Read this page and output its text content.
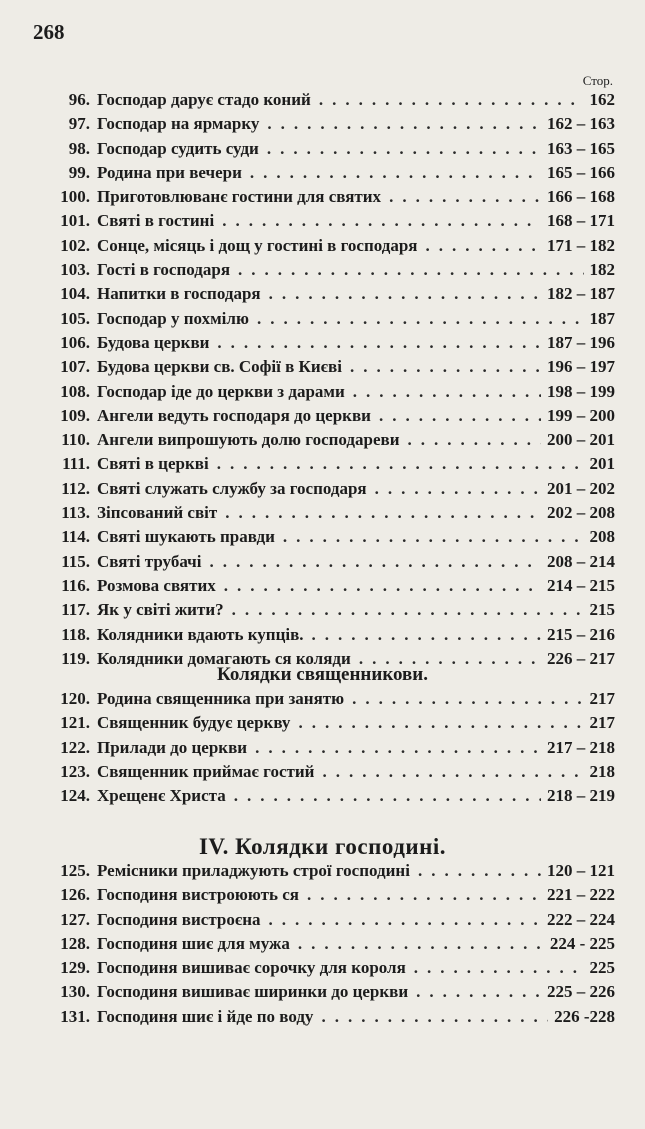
268
Стор.
96. Господар дарує стадо коний .....	162
97. Господар на ярмарку .....	162 – 163
98. Господар судить суди .....	163 – 165
99. Родина при вечери .....	165 – 166
100. Приготовлюванє гостини для святих .....	166 – 168
101. Святі в гостині .....	168 – 171
102. Сонце, місяць і дощ у гостині в господаря .....	171 – 182
103. Гості в господаря .....	182
104. Напитки в господаря .....	182 – 187
105. Господар у похмілю .....	187
106. Будова церкви .....	187 – 196
107. Будова церкви св. Софії в Києві .....	196 – 197
108. Господар іде до церкви з дарами .....	198 – 199
109. Ангели ведуть господаря до церкви .....	199 – 200
110. Ангели випрошують долю господареви .....	200 – 201
111. Святі в церкві .....	201
112. Святі служать службу за господаря .....	201 – 202
113. Зіпсований світ .....	202 – 208
114. Святі шукають правди .....	208
115. Святі трубачі .....	208 – 214
116. Розмова святих .....	214 – 215
117. Як у світі жити? .....	215
118. Колядники вдають купців. .....	215 – 216
119. Колядники домагають ся коляди .....	226 – 217
Колядки священникови.
120. Родина священника при занятю .....	217
121. Священник будує церкву .....	217
122. Прилади до церкви .....	217 – 218
123. Священник приймає гостий .....	218
124. Хрещенє Христа .....	218 – 219
IV. Колядки господині.
125. Ремісники приладжують строї господині .....	120 – 121
126. Господиня вистроюють ся .....	221 – 222
127. Господиня вистроєна .....	222 – 224
128. Господиня шиє для мужа .....	224 - 225
129. Господиня вишиває сорочку для короля .....	225
130. Господиня вишиває ширинки до церкви .....	225 – 226
131. Господиня шиє і йде по воду .....	226 -228
